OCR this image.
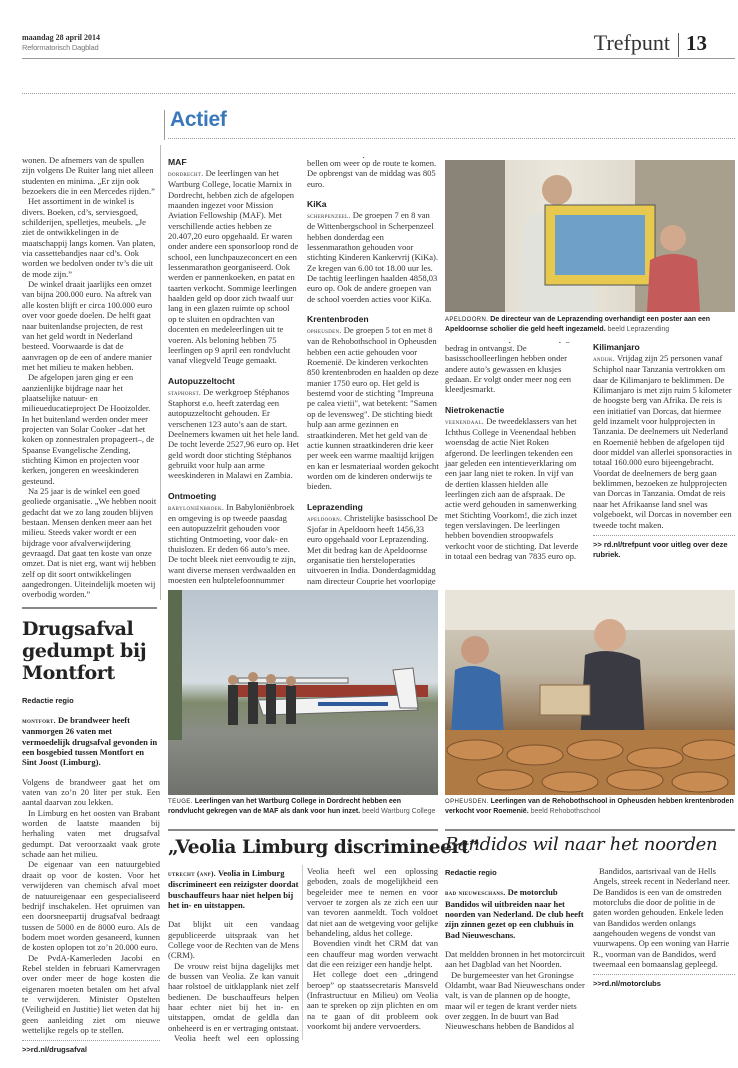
maandag 28 april 2014
Reformatorisch Dagblad	Trefpunt 13
Actief

wonen. De afnemers van de spullen zijn volgens De Ruiter lang niet alleen studenten en minima. „Er zijn ook bezoekers die in een Mercedes rijden.”

Het assortiment in de winkel is divers. Boeken, cd’s, serviesgoed, schilderijen, spelletjes, meubels. „Je ziet de ontwikkelingen in de maatschappij langs komen. Van platen, via cassettebandjes naar cd’s. Ook worden we bedolven onder tv’s die uit de mode zijn.”

De winkel draait jaarlijks een omzet van bijna 200.000 euro. Na aftrek van alle kosten blijft er circa 100.000 euro over voor goede doelen. De helft gaat naar buitenlandse projecten, de rest van het geld wordt in Nederland besteed. Voorwaarde is dat de aanvragen op de een of andere manier met het milieu te maken hebben.

De afgelopen jaren ging er een aanzienlijke bijdrage naar het plaatselijke natuur- en milieueducatieproject De Hooizolder. In het buitenland werden onder meer projecten van Solar Cooker –dat het koken op zonnestralen propageert–, de Spaanse Evangelische Zending, stichting Kimon en projecten voor kerken, jongeren en weeskinderen gesteund.

Na 25 jaar is de winkel een goed geoliede organisatie. „We hebben nooit gedacht dat we zo lang zouden blijven bestaan. Mensen denken meer aan het milieu. Steeds vaker wordt er een bijdrage voor afvalverwijdering gevraagd. Dat gaat ten koste van onze omzet. Dat is niet erg, want wij hebben zelf op dit soort ontwikkelingen aangedrongen. Uiteindelijk moeten wij overbodig worden.”

MAF
dordrecht. De leerlingen van het Wartburg College, locatie Marnix in Dordrecht, hebben zich de afgelopen maanden ingezet voor Mission Aviation Fellowship (MAF). Met verschillende acties hebben ze 20.407,20 euro opgehaald. Er waren onder andere een sponsorloop rond de school, een lunchpauzeconcert en een lessenmarathon georganiseerd. Ook werden er pannenkoeken, en patat en taarten verkocht. Sommige leerlingen haalden geld op door zich twaalf uur lang in een glazen ruimte op school op te sluiten en opdrachten van docenten en medeleerlingen uit te voeren. Als beloning hebben 75 leerlingen op 9 april een rondvlucht vanaf vliegveld Teuge gemaakt.
Autopuzzeltocht
staphorst. De werkgroep Stéphanos Staphorst e.o. heeft zaterdag een autopuzzeltocht gehouden. Er verschenen 123 auto’s aan de start. Deelnemers kwamen uit het hele land. De tocht leverde 2527,96 euro op. Het geld wordt door stichting Stéphanos gebruikt voor hulp aan arme weeskinderen in Malawi en Zambia.
Ontmoeting
babyloniënbroek. In Babyloniënbroek en omgeving is op tweede paasdag een autopuzzelrit gehouden voor stichting Ontmoeting, voor dak- en thuislozen. Er deden 66 auto’s mee. De tocht bleek niet eenvoudig te zijn, want diverse mensen verdwaalden en moesten een hulptelefoonnummer
bellen om weer op de route te komen. De opbrengst van de middag was 805 euro.
KiKa
scherpenzeel. De groepen 7 en 8 van de Wittenbergschool in Scherpenzeel hebben donderdag een lessenmarathon gehouden voor stichting Kinderen Kankervrij (KiKa). Ze kregen van 6.00 tot 18.00 uur les. De tachtig leerlingen haalden 4858,03 euro op. Ook de andere groepen van de school voerden acties voor KiKa.
Krentenbroden
opheusden. De groepen 5 tot en met 8 van de Rehobothschool in Opheusden hebben een actie gehouden voor Roemenië. De kinderen verkochten 850 krentenbroden en haalden op deze manier 1750 euro op. Het geld is bestemd voor de stichting "Impreuna pe calea vietii", wat betekent: "Samen op de levensweg". De stichting biedt hulp aan arme gezinnen en straatkinderen. Met het geld van de actie kunnen straatkinderen drie keer per week een warme maaltijd krijgen en kan er lesmateriaal worden gekocht worden om de kinderen onderwijs te bieden.
Leprazending
apeldoorn. Christelijke basisschool De Sjofar in Apeldoorn heeft 1456,33 euro opgehaald voor Leprazending. Met dit bedrag kan de Apeldoornse organisatie tien hersteloperaties uitvoeren in India. Donderdagmiddag nam directeur Couprie het voorlopige
APELDOORN. De directeur van de Leprazending overhandigt een poster aan een Apeldoornse scholier die geld heeft ingezameld. beeld Leprazending
bedrag in ontvangst. De basisschoolleerlingen hebben onder andere auto’s gewassen en klusjes gedaan. Er volgt onder meer nog een kleedjesmarkt.
Nietrokenactie
veenendaal. De tweedeklassers van het Ichthus College in Veenendaal hebben woensdag de actie Niet Roken afgerond. De leerlingen tekenden een jaar geleden een intentieverklaring om een jaar lang niet te roken. In vijf van de dertien klassen hielden alle leerlingen zich aan de afspraak. De actie werd gehouden in samenwerking met Stichting Voorkom!, die zich inzet tegen verslavingen. De leerlingen hebben bovendien stroopwafels verkocht voor de stichting. Dat leverde in totaal een bedrag van 7835 euro op.
Kilimanjaro
andijk. Vrijdag zijn 25 personen vanaf Schiphol naar Tanzania vertrokken om daar de Kilimanjaro te beklimmen. De Kilimanjaro is met zijn ruim 5 kilometer de hoogste berg van Afrika. De reis is een initiatief van Dorcas, dat hiermee geld inzamelt voor hulpprojecten in Tanzania. De deelnemers uit Nederland en Roemenië hebben de afgelopen tijd door middel van allerlei sponsoracties in totaal 160.000 euro bijeengebracht. Voordat de deelnemers de berg gaan beklimmen, bezoeken ze hulpprojecten van Dorcas in Tanzania. Omdat de reis naar het Afrikaanse land snel was volgeboekt, wil Dorcas in november een tweede tocht maken.
>> rd.nl/trefpunt voor uitleg over deze rubriek.
TEUGE. Leerlingen van het Wartburg College in Dordrecht hebben een rondvlucht gekregen van de MAF als dank voor hun inzet. beeld Wartburg College
OPHEUSDEN. Leerlingen van de Rehobothschool in Opheusden hebben krentenbroden verkocht voor Roemenië. beeld Rehobothschool
Drugsafval gedumpt bij Montfort
Redactie regio
montfort. De brandweer heeft vanmorgen 26 vaten met vermoedelijk drugsafval gevonden in een bosgebied tussen Montfort en Sint Joost (Limburg).

Volgens de brandweer gaat het om vaten van zo’n 20 liter per stuk. Een aantal daarvan zou lekken.

In Limburg en het oosten van Brabant worden de laatste maanden bij herhaling vaten met drugsafval gedumpt. Dat veroorzaakt vaak grote schade aan het milieu.

De eigenaar van een natuurgebied draait op voor de kosten. Voor het verwijderen van chemisch afval moet de natuureigenaar een gespecialiseerd bedrijf inschakelen. Het opruimen van een doorsneepartij drugsafval bedraagt tussen de 5000 en de 8000 euro. Als de bodem moet worden gesaneerd, kunnen de kosten oplopen tot zo’n 20.000 euro.

De PvdA-Kamerleden Jacobi en Rebel stelden in februari Kamervragen over onder meer de hoge kosten die eigenaren moeten betalen om het afval te verwijderen. Minister Opstelten (Veiligheid en Justitie) liet weten dat hij geen aanleiding ziet om nieuwe wettelijke regels op te stellen.

>>rd.nl/drugsafval
„Veolia Limburg discrimineert”
utrecht (anp). Veolia in Limburg discrimineert een reizigster doordat buschauffeurs haar niet helpen bij het in- en uitstappen.

Dat blijkt uit een vandaag gepubliceerde uitspraak van het College voor de Rechten van de Mens (CRM).

De vrouw reist bijna dagelijks met de bussen van Veolia. Ze kan vanuit haar rolstoel de uitklapplank niet zelf bedienen. De buschauffeurs helpen haar echter niet bij het in- en uitstappen, omdat de geldla dan onbeheerd is en er vertraging ontstaat.

Veolia heeft wel een oplossing

Veolia heeft wel een oplossing geboden, zoals de mogelijkheid een begeleider mee te nemen en voor vervoer te zorgen als ze zich een uur van tevoren aanmeldt. Toch voldoet dat niet aan de wetgeving voor gelijke behandeling, aldus het college.

Bovendien vindt het CRM dat van een chauffeur mag worden verwacht dat die een reiziger een handje helpt.

Het college doet een „dringend beroep” op staatssecretaris Mansveld (Infrastructuur en Milieu) om Veolia aan te spreken op zijn plichten en om na te gaan of dit probleem ook voorkomt bij andere vervoerders.

Bandidos wil naar het noorden
Redactie regio
bad nieuweschans. De motorclub Bandidos wil uitbreiden naar het noorden van Nederland. De club heeft zijn zinnen gezet op een clubhuis in Bad Nieuweschans.

Dat meldden bronnen in het motorcircuit aan het Dagblad van het Noorden.

De burgemeester van het Groningse Oldambt, waar Bad Nieuweschans onder valt, is van de plannen op de hoogte, maar wil er tegen de krant verder niets over zeggen. In de buurt van Bad Nieuweschans hebben de Bandidos al

Bandidos, aartsrivaal van de Hells Angels, streek recent in Nederland neer. De Bandidos is een van de omstreden motorclubs die door de politie in de gaten worden gehouden. Enkele leden van Bandidos werden onlangs aangehouden wegens de vondst van vuurwapens. Op een woning van Harrie R., voorman van de Bandidos, werd tweemaal een bomaanslag gepleegd.

>>rd.nl/motorclubs
